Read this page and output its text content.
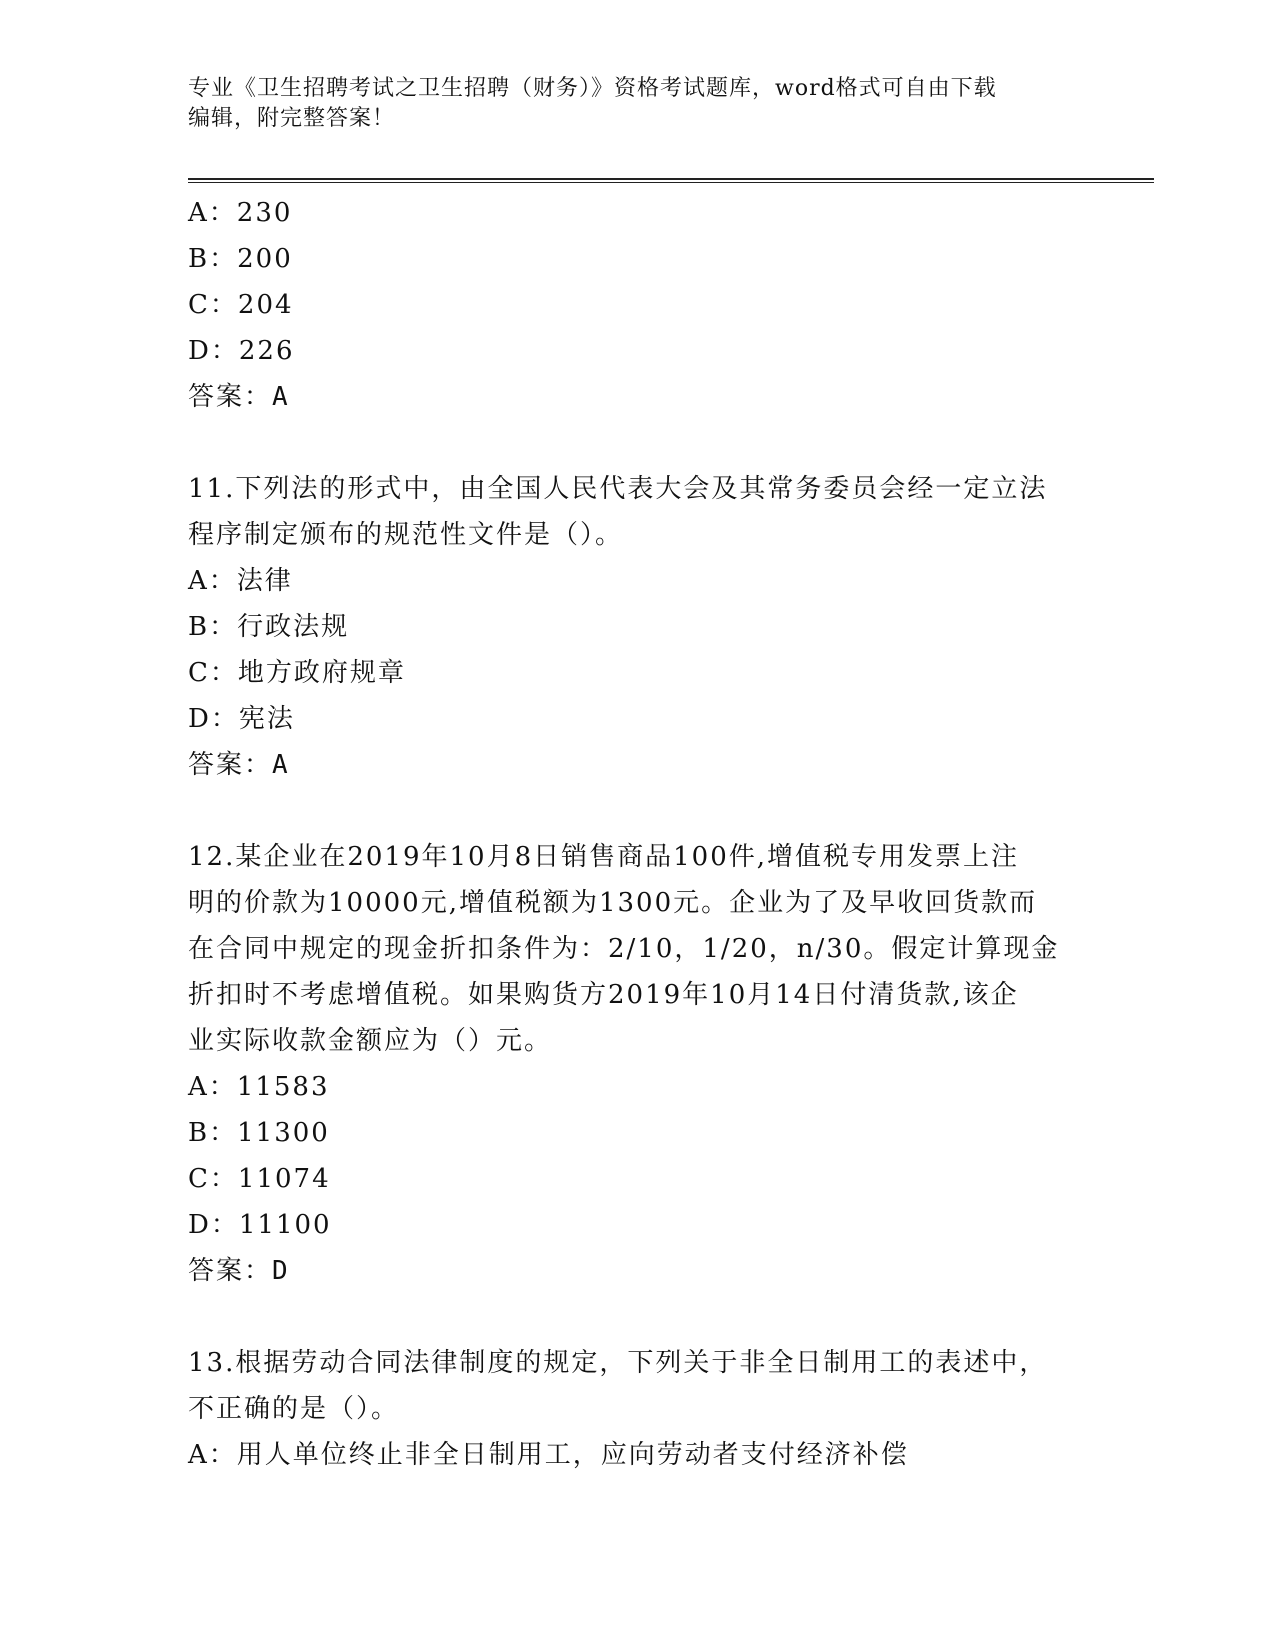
专业《卫生招聘考试之卫生招聘（财务）》资格考试题库，word格式可自由下载
编辑，附完整答案！
A：230
B：200
C：204
D：226
答案：A
11.下列法的形式中，由全国人民代表大会及其常务委员会经一定立法
程序制定颁布的规范性文件是（）。
A：法律
B：行政法规
C：地方政府规章
D：宪法
答案：A
12.某企业在2019年10月8日销售商品100件,增值税专用发票上注
明的价款为10000元,增值税额为1300元。企业为了及早收回货款而
在合同中规定的现金折扣条件为：2/10，1/20，n/30。假定计算现金
折扣时不考虑增值税。如果购货方2019年10月14日付清货款,该企
业实际收款金额应为（）元。
A：11583
B：11300
C：11074
D：11100
答案：D
13.根据劳动合同法律制度的规定，下列关于非全日制用工的表述中，
不正确的是（）。
A：用人单位终止非全日制用工，应向劳动者支付经济补偿
